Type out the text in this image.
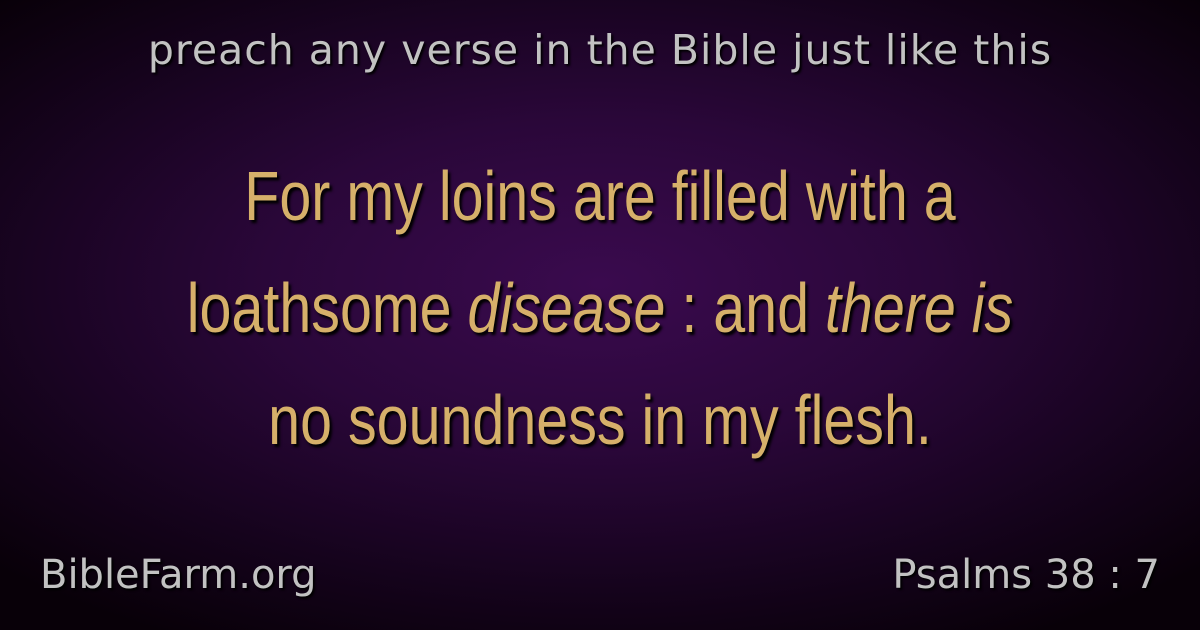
preach any verse in the Bible just like this
For my loins are filled with a
loathsome disease : and there is
no soundness in my flesh.
BibleFarm.org	Psalms 38 : 7
